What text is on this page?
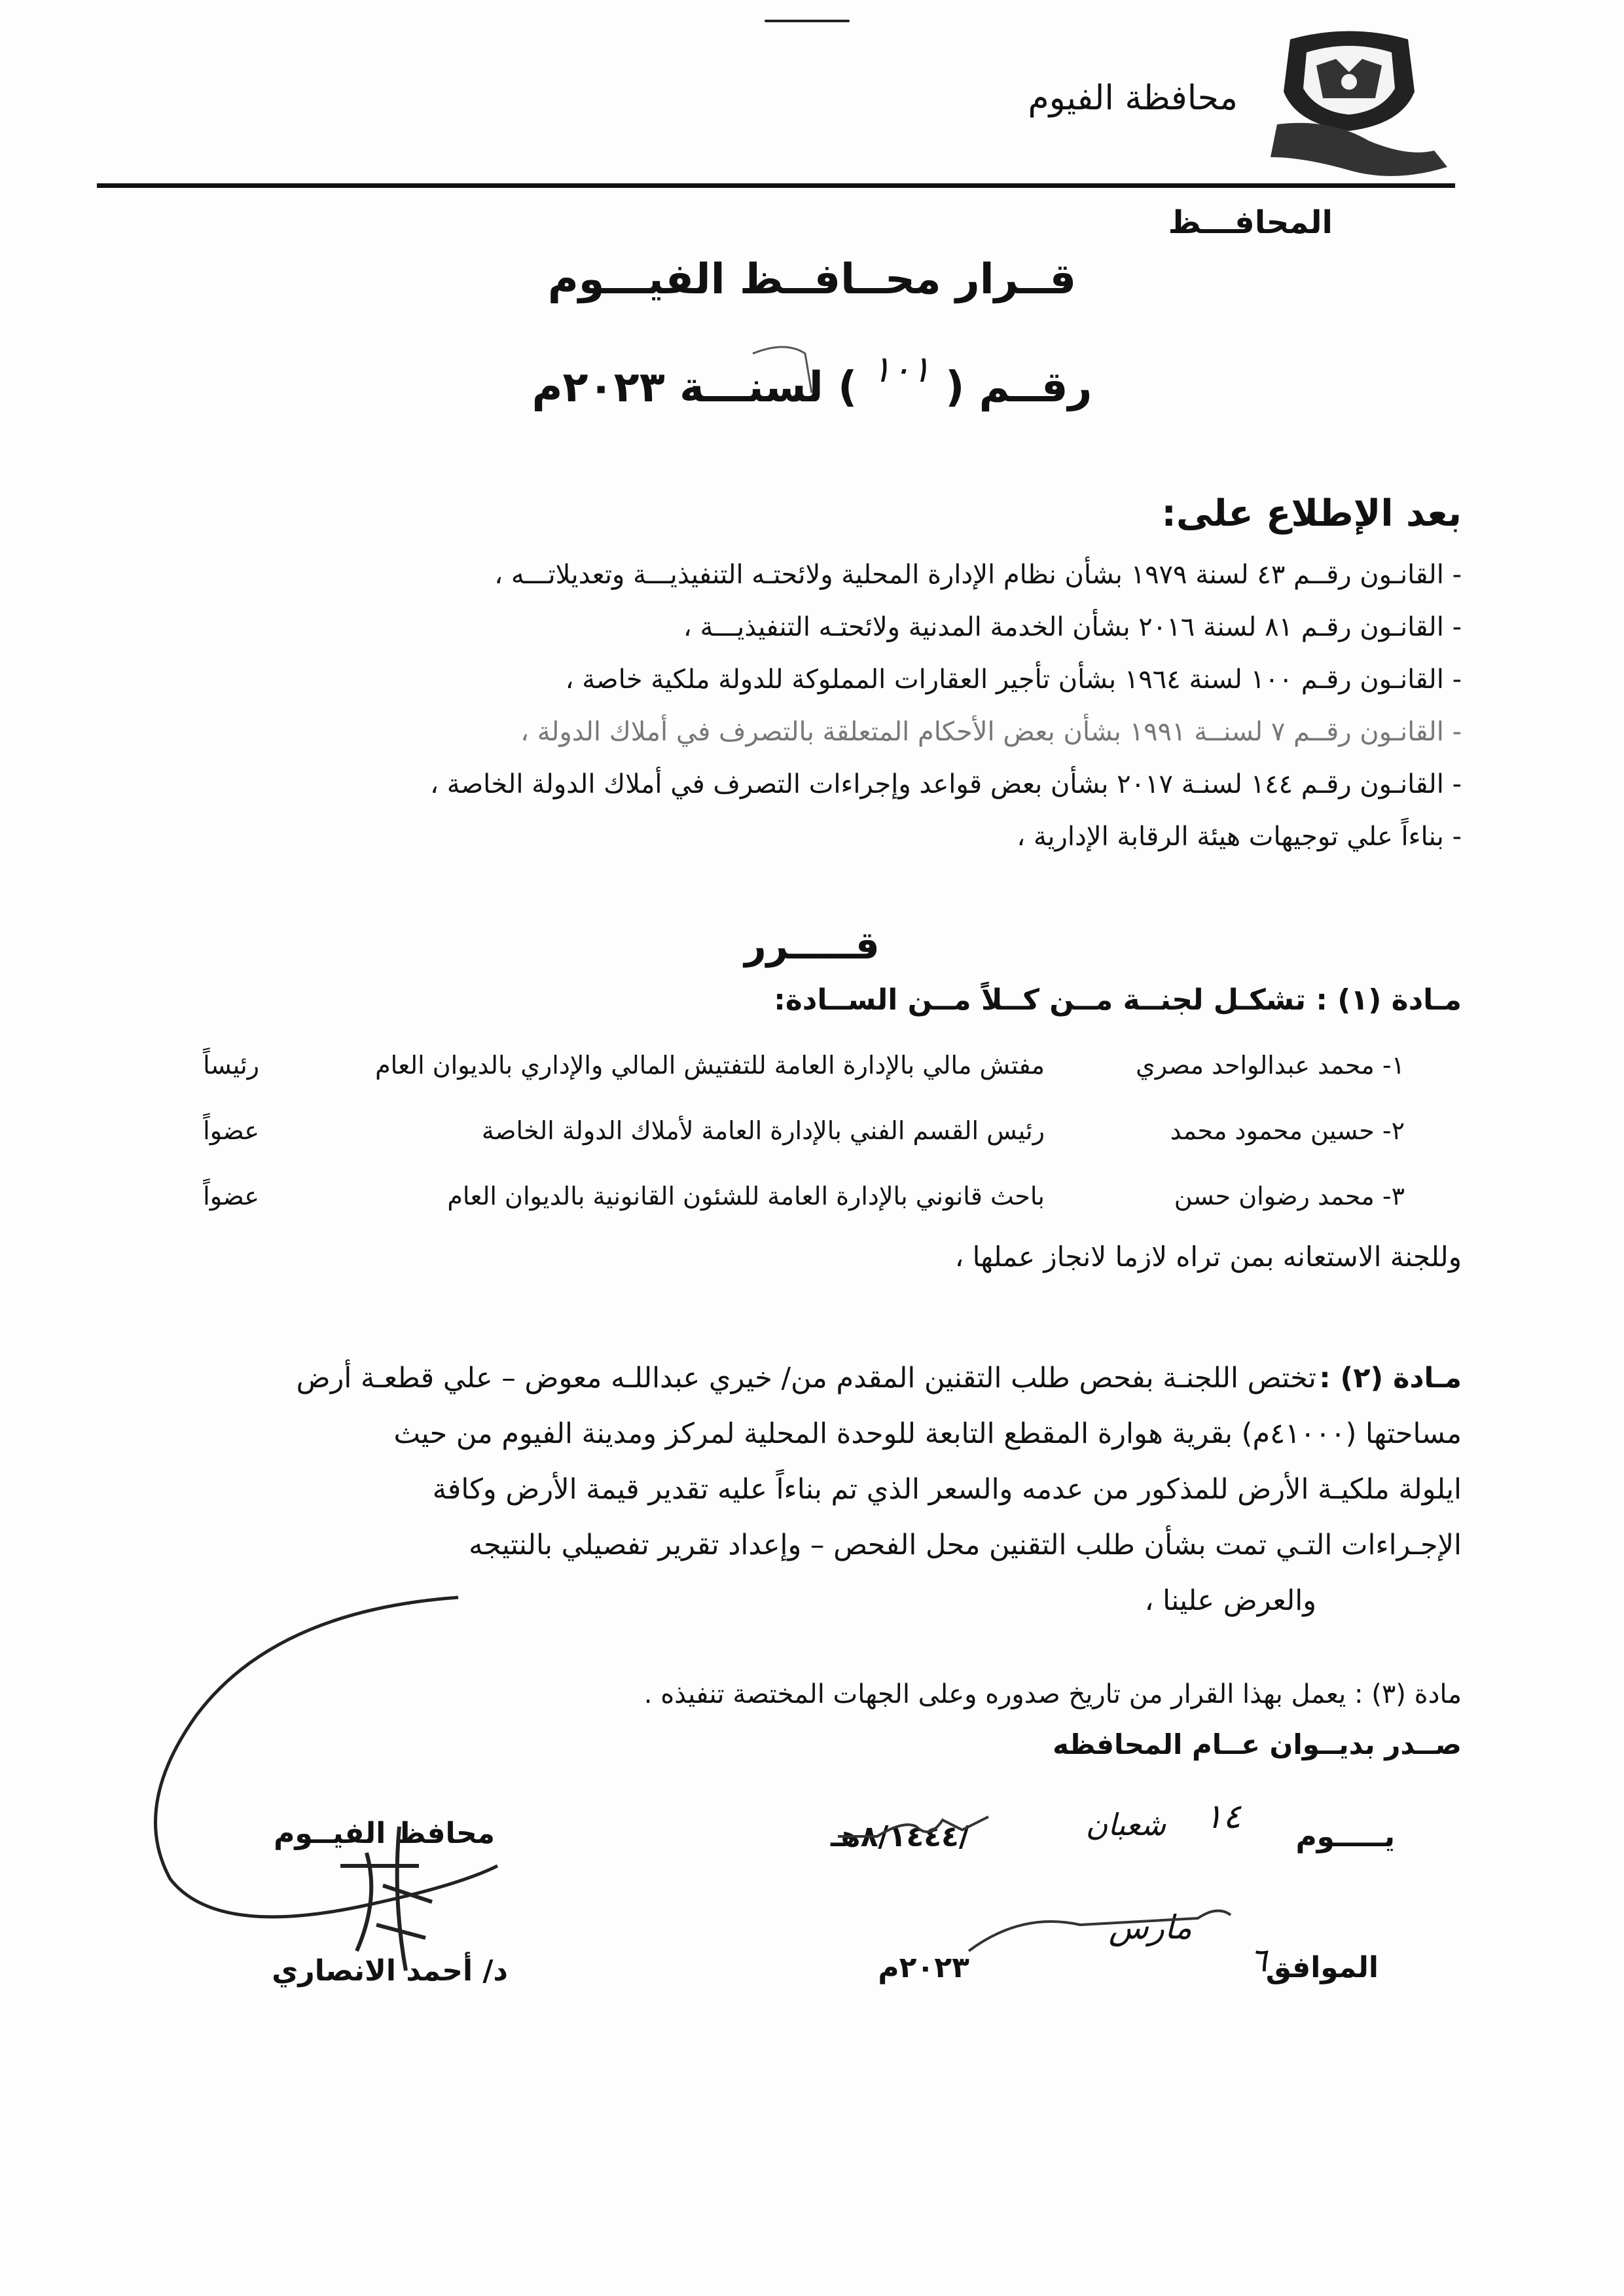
محافظة الفيوم
المحافـــظ
قــرار محــافــظ الفيـــوم
رقــم ( ١٠١ ) لسنـــة ٢٠٢٣م
بعد الإطلاع على:
- القانـون رقــم ٤٣ لسنة ١٩٧٩ بشأن نظام الإدارة المحلية ولائحتـه التنفيذيـــة وتعديلاتـــه ،
- القانـون رقـم ٨١ لسنة ٢٠١٦ بشأن الخدمة المدنية ولائحتـه التنفيذيـــة ،
- القانـون رقـم ١٠٠ لسنة ١٩٦٤ بشأن تأجير العقارات المملوكة للدولة ملكية خاصة ،
- القانـون رقــم ٧ لسنــة ١٩٩١ بشأن بعض الأحكام المتعلقة بالتصرف في أملاك الدولة ،
- القانـون رقـم ١٤٤ لسنـة ٢٠١٧ بشأن بعض قواعد وإجراءات التصرف في أملاك الدولة الخاصة ،
- بناءاً علي توجيهات هيئة الرقابة الإدارية ،
قـــــرر
مـادة (١) : تشكـل لجنــة مــن كــلاً مــن الســادة:
١- محمد عبدالواحد مصري
مفتش مالي بالإدارة العامة للتفتيش المالي والإداري بالديوان العام
رئيساً
٢- حسين محمود محمد
رئيس القسم الفني بالإدارة العامة لأملاك الدولة الخاصة
عضواً
٣- محمد رضوان حسن
باحث قانوني بالإدارة العامة للشئون القانونية بالديوان العام
عضواً
وللجنة الاستعانه بمن تراه لازما لانجاز عملها ،
مـادة (٢) :
تختص اللجنـة بفحص طلب التقنين المقدم من/ خيري عبداللـه معوض – علي قطعـة أرض
مساحتها (٤١٠٠٠م) بقرية هوارة المقطع التابعة للوحدة المحلية لمركز ومدينة الفيوم من حيث
ايلولة ملكيـة الأرض للمذكور من عدمه والسعر الذي تم بناءاً عليه تقدير قيمة الأرض وكافة
الإجـراءات التـي تمت بشأن طلب التقنين محل الفحص – وإعداد تقرير تفصيلي بالنتيجه
والعرض علينا ،
مادة (٣) : يعمل بهذا القرار من تاريخ صدوره وعلى الجهات المختصة تنفيذه .
صــدر بديــوان عــام المحافظه
يـــــوم
١٤
شعبان
/٨/١٤٤٤هـ
الموافق
٦
مارس
٢٠٢٣م
محافظ الفيــوم
د/ أحمد الانصاري
